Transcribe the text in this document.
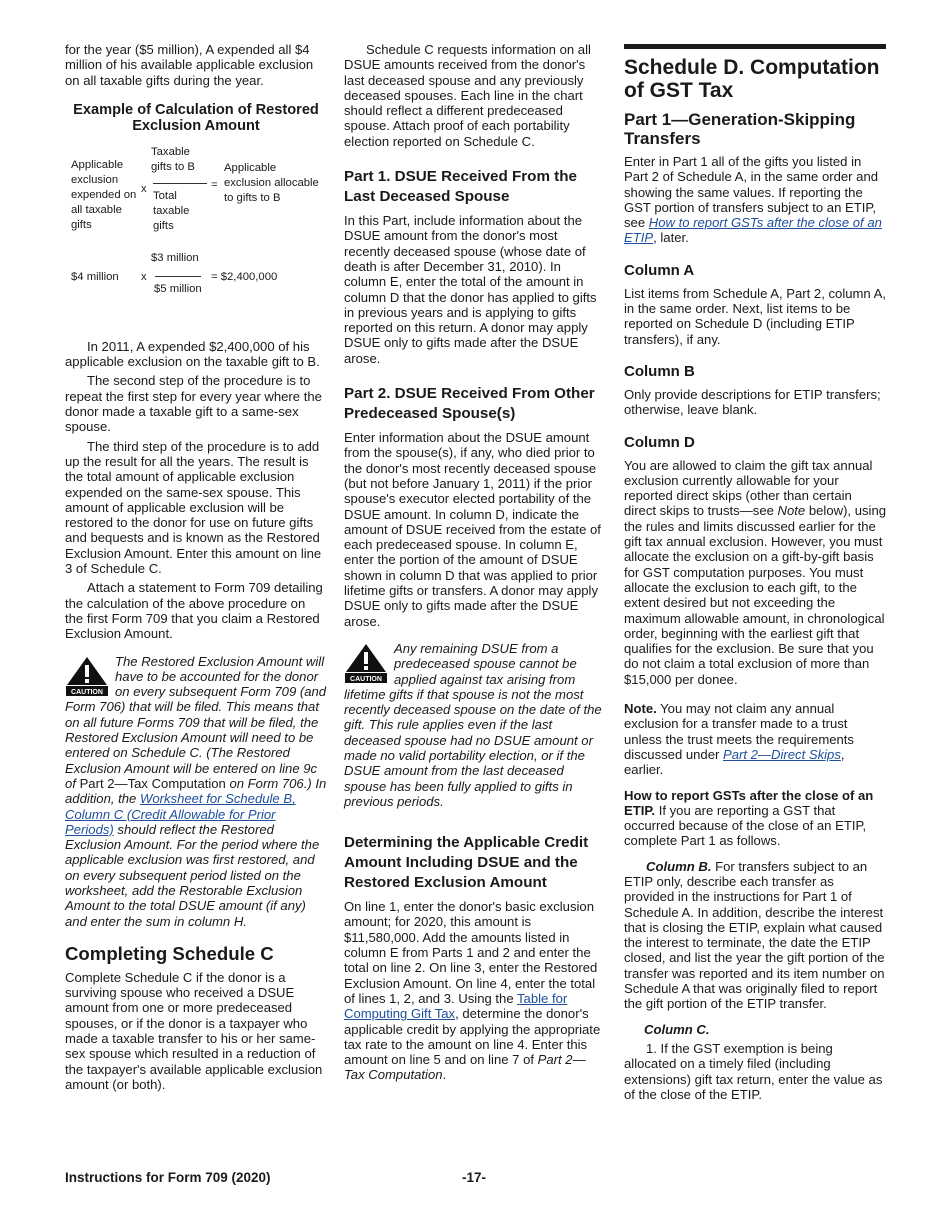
for the year ($5 million), A expended all $4 million of his available applicable exclusion on all taxable gifts during the year.

Example of Calculation of Restored Exclusion Amount
Applicable exclusion expended on all taxable gifts
x
Taxable gifts to B
Total taxable gifts
=
Applicable exclusion allocable to gifts to B
$3 million
$4 million x	= $2,400,000
$5 million

In 2011, A expended $2,400,000 of his applicable exclusion on the taxable gift to B.

The second step of the procedure is to repeat the first step for every year where the donor made a taxable gift to a same-sex spouse.

The third step of the procedure is to add up the result for all the years. The result is the total amount of applicable exclusion expended on the same-sex spouse. This amount of applicable exclusion will be restored to the donor for use on future gifts and bequests and is known as the Restored Exclusion Amount. Enter this amount on line 3 of Schedule C.

Attach a statement to Form 709 detailing the calculation of the above procedure on the first Form 709 that you claim a Restored Exclusion Amount.

CAUTION
The Restored Exclusion Amount will have to be accounted for the donor on every subsequent Form 709 (and Form 706) that will be filed. This means that on all future Forms 709 that will be filed, the Restored Exclusion Amount will need to be entered on Schedule C. (The Restored Exclusion Amount will be entered on line 9c of Part 2—Tax Computation on Form 706.) In addition, the Worksheet for Schedule B, Column C (Credit Allowable for Prior Periods) should reflect the Restored Exclusion Amount. For the period where the applicable exclusion was first restored, and on every subsequent period listed on the worksheet, add the Restorable Exclusion Amount to the total DSUE amount (if any) and enter the sum in column H.
Completing Schedule C

Complete Schedule C if the donor is a surviving spouse who received a DSUE amount from one or more predeceased spouses, or if the donor is a taxpayer who made a taxable transfer to his or her same-sex spouse which resulted in a reduction of the taxpayer's available applicable exclusion amount (or both).

Schedule C requests information on all DSUE amounts received from the donor's last deceased spouse and any previously deceased spouses. Each line in the chart should reflect a different predeceased spouse. Attach proof of each portability election reported on Schedule C.

Part 1. DSUE Received From the Last Deceased Spouse

In this Part, include information about the DSUE amount from the donor's most recently deceased spouse (whose date of death is after December 31, 2010). In column E, enter the total of the amount in column D that the donor has applied to gifts in previous years and is applying to gifts reported on this return. A donor may apply DSUE only to gifts made after the DSUE arose.

Part 2. DSUE Received From Other Predeceased Spouse(s)

Enter information about the DSUE amount from the spouse(s), if any, who died prior to the donor's most recently deceased spouse (but not before January 1, 2011) if the prior spouse's executor elected portability of the DSUE amount. In column D, indicate the amount of DSUE received from the estate of each predeceased spouse. In column E, enter the portion of the amount of DSUE shown in column D that was applied to prior lifetime gifts or transfers. A donor may apply DSUE only to gifts made after the DSUE arose.

CAUTION
Any remaining DSUE from a predeceased spouse cannot be applied against tax arising from lifetime gifts if that spouse is not the most recently deceased spouse on the date of the gift. This rule applies even if the last deceased spouse had no DSUE amount or made no valid portability election, or if the DSUE amount from the last deceased spouse has been fully applied to gifts in previous periods.
Determining the Applicable Credit Amount Including DSUE and the Restored Exclusion Amount

On line 1, enter the donor's basic exclusion amount; for 2020, this amount is $11,580,000. Add the amounts listed in column E from Parts 1 and 2 and enter the total on line 2. On line 3, enter the Restored Exclusion Amount. On line 4, enter the total of lines 1, 2, and 3. Using the Table for Computing Gift Tax, determine the donor's applicable credit by applying the appropriate tax rate to the amount on line 4. Enter this amount on line 5 and on line 7 of Part 2—Tax Computation.

Schedule D. Computation of GST Tax
Part 1—Generation-Skipping Transfers

Enter in Part 1 all of the gifts you listed in Part 2 of Schedule A, in the same order and showing the same values. If reporting the GST portion of transfers subject to an ETIP, see How to report GSTs after the close of an ETIP, later.

Column A

List items from Schedule A, Part 2, column A, in the same order. Next, list items to be reported on Schedule D (including ETIP transfers), if any.

Column B

Only provide descriptions for ETIP transfers; otherwise, leave blank.

Column D

You are allowed to claim the gift tax annual exclusion currently allowable for your reported direct skips (other than certain direct skips to trusts—see Note below), using the rules and limits discussed earlier for the gift tax annual exclusion. However, you must allocate the exclusion on a gift-by-gift basis for GST computation purposes. You must allocate the exclusion to each gift, to the extent desired but not exceeding the maximum allowable amount, in chronological order, beginning with the earliest gift that qualifies for the exclusion. Be sure that you do not claim a total exclusion of more than $15,000 per donee.

Note. You may not claim any annual exclusion for a transfer made to a trust unless the trust meets the requirements discussed under Part 2—Direct Skips, earlier.

How to report GSTs after the close of an ETIP. If you are reporting a GST that occurred because of the close of an ETIP, complete Part 1 as follows.

Column B. For transfers subject to an ETIP only, describe each transfer as provided in the instructions for Part 1 of Schedule A. In addition, describe the interest that is closing the ETIP, explain what caused the interest to terminate, the date the ETIP closed, and list the year the gift portion of the transfer was reported and its item number on Schedule A that was originally filed to report the gift portion of the ETIP transfer.

Column C.

1. If the GST exemption is being allocated on a timely filed (including extensions) gift tax return, enter the value as of the close of the ETIP.

Instructions for Form 709 (2020)	-17-
